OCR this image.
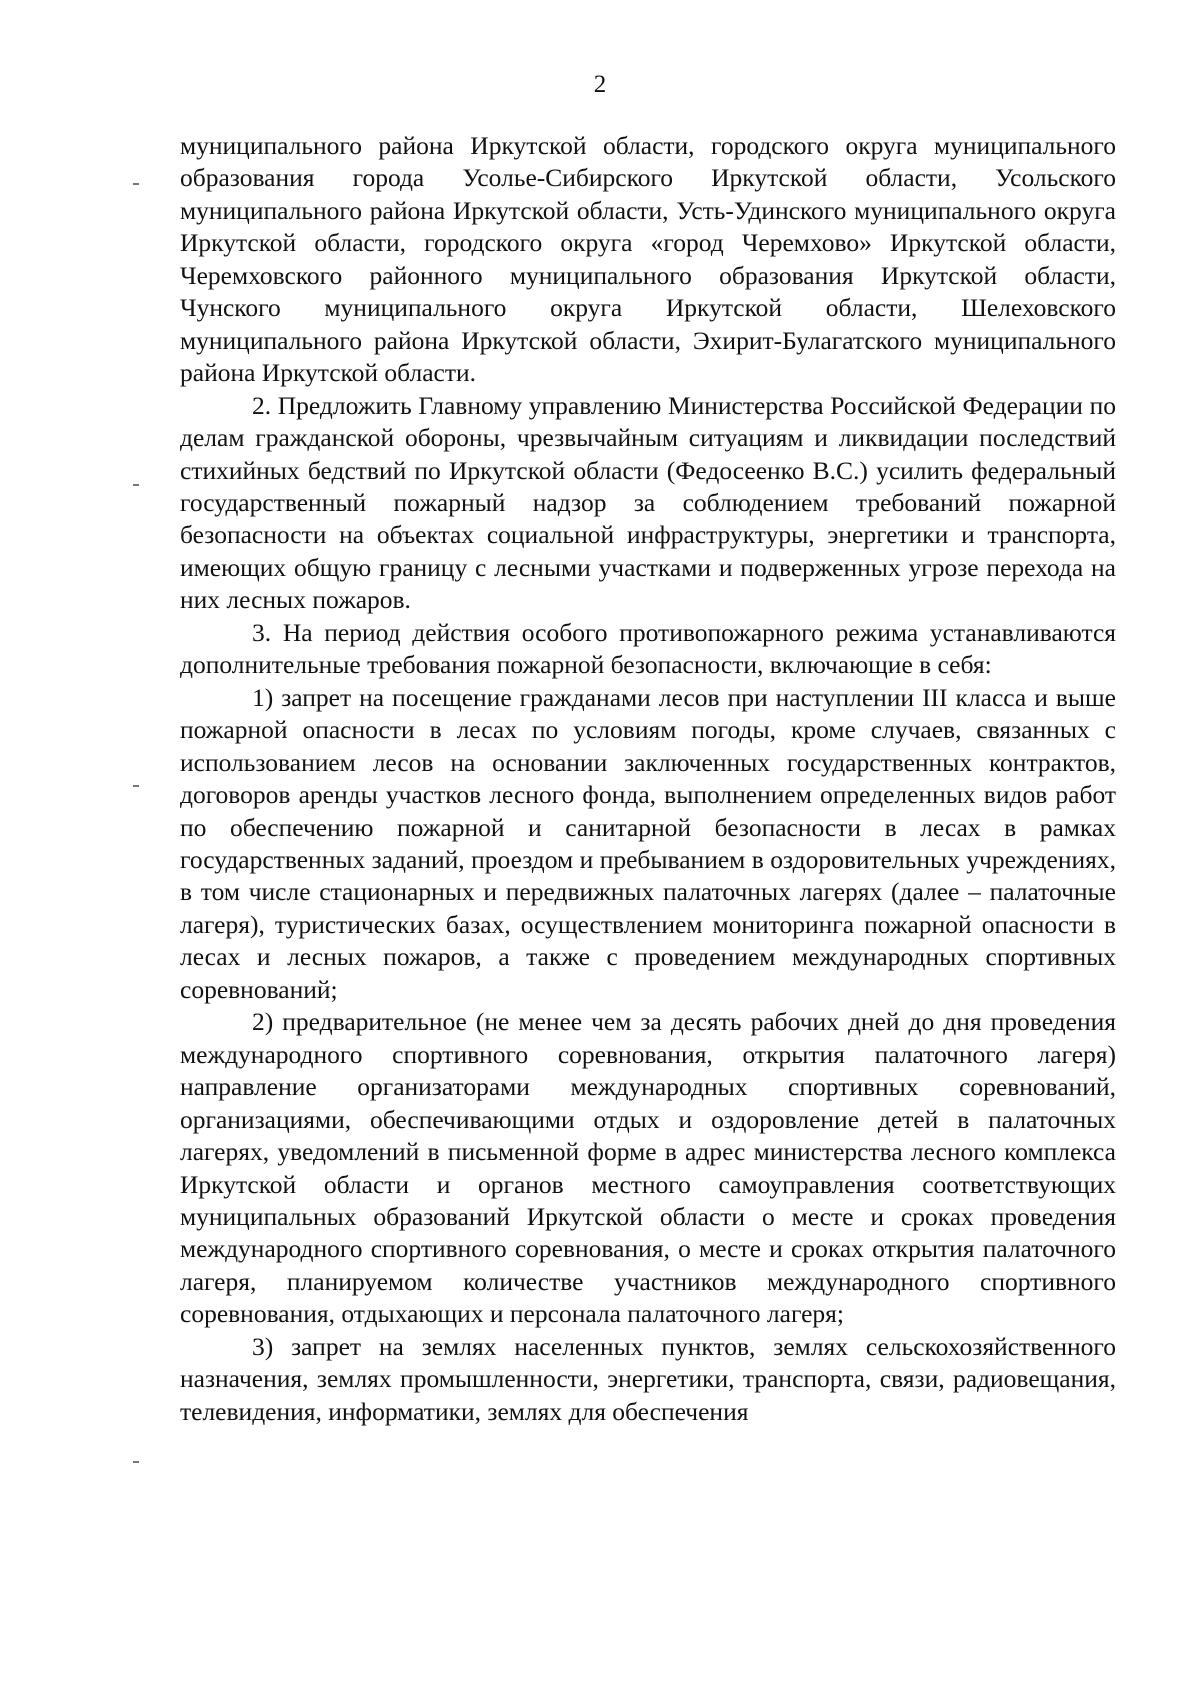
2

муниципального района Иркутской области, городского округа муниципального образования города Усолье-Сибирского Иркутской области, Усольского муниципального района Иркутской области, Усть-Удинского муниципального округа Иркутской области, городского округа «город Черемхово» Иркутской области, Черемховского районного муниципального образования Иркутской области, Чунского муниципального округа Иркутской области, Шелеховского муниципального района Иркутской области, Эхирит-Булагатского муниципального района Иркутской области.

2. Предложить Главному управлению Министерства Российской Федерации по делам гражданской обороны, чрезвычайным ситуациям и ликвидации последствий стихийных бедствий по Иркутской области (Федосеенко В.С.) усилить федеральный государственный пожарный надзор за соблюдением требований пожарной безопасности на объектах социальной инфраструктуры, энергетики и транспорта, имеющих общую границу с лесными участками и подверженных угрозе перехода на них лесных пожаров.

3. На период действия особого противопожарного режима устанавливаются дополнительные требования пожарной безопасности, включающие в себя:

1) запрет на посещение гражданами лесов при наступлении III класса и выше пожарной опасности в лесах по условиям погоды, кроме случаев, связанных с использованием лесов на основании заключенных государственных контрактов, договоров аренды участков лесного фонда, выполнением определенных видов работ по обеспечению пожарной и санитарной безопасности в лесах в рамках государственных заданий, проездом и пребыванием в оздоровительных учреждениях, в том числе стационарных и передвижных палаточных лагерях (далее – палаточные лагеря), туристических базах, осуществлением мониторинга пожарной опасности в лесах и лесных пожаров, а также с проведением международных спортивных соревнований;

2) предварительное (не менее чем за десять рабочих дней до дня проведения международного спортивного соревнования, открытия палаточного лагеря) направление организаторами международных спортивных соревнований, организациями, обеспечивающими отдых и оздоровление детей в палаточных лагерях, уведомлений в письменной форме в адрес министерства лесного комплекса Иркутской области и органов местного самоуправления соответствующих муниципальных образований Иркутской области о месте и сроках проведения международного спортивного соревнования, о месте и сроках открытия палаточного лагеря, планируемом количестве участников международного спортивного соревнования, отдыхающих и персонала палаточного лагеря;

3) запрет на землях населенных пунктов, землях сельскохозяйственного назначения, землях промышленности, энергетики, транспорта, связи, радиовещания, телевидения, информатики, землях для обеспечения
